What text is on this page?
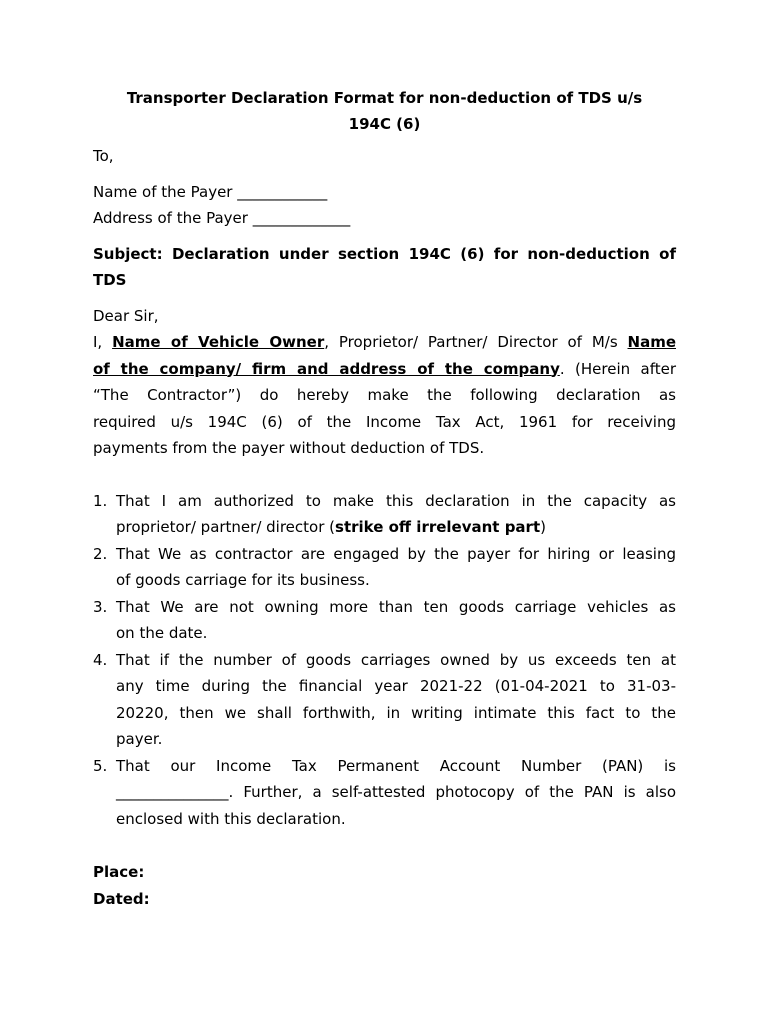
Transporter Declaration Format for non-deduction of TDS u/s
194C (6)

To,

Name of the Payer ____________

Address of the Payer _____________

Subject: Declaration under section 194C (6) for non-deduction of TDS

Dear Sir,

I, Name of Vehicle Owner, Proprietor/ Partner/ Director of M/s Name
of the company/ firm and address of the company. (Herein after
“The Contractor”) do hereby make the following declaration as
required u/s 194C (6) of the Income Tax Act, 1961 for receiving
payments from the payer without deduction of TDS.
1. That I am authorized to make this declaration in the capacity as
proprietor/ partner/ director (strike off irrelevant part)
2. That We as contractor are engaged by the payer for hiring or leasing
of goods carriage for its business.
3. That We are not owning more than ten goods carriage vehicles as
on the date.
4. That if the number of goods carriages owned by us exceeds ten at
any time during the financial year 2021-22 (01-04-2021 to 31-03-
20220, then we shall forthwith, in writing intimate this fact to the
payer.
5. That our Income Tax Permanent Account Number (PAN) is
_______________. Further, a self-attested photocopy of the PAN is also
enclosed with this declaration.

Place:

Dated:
